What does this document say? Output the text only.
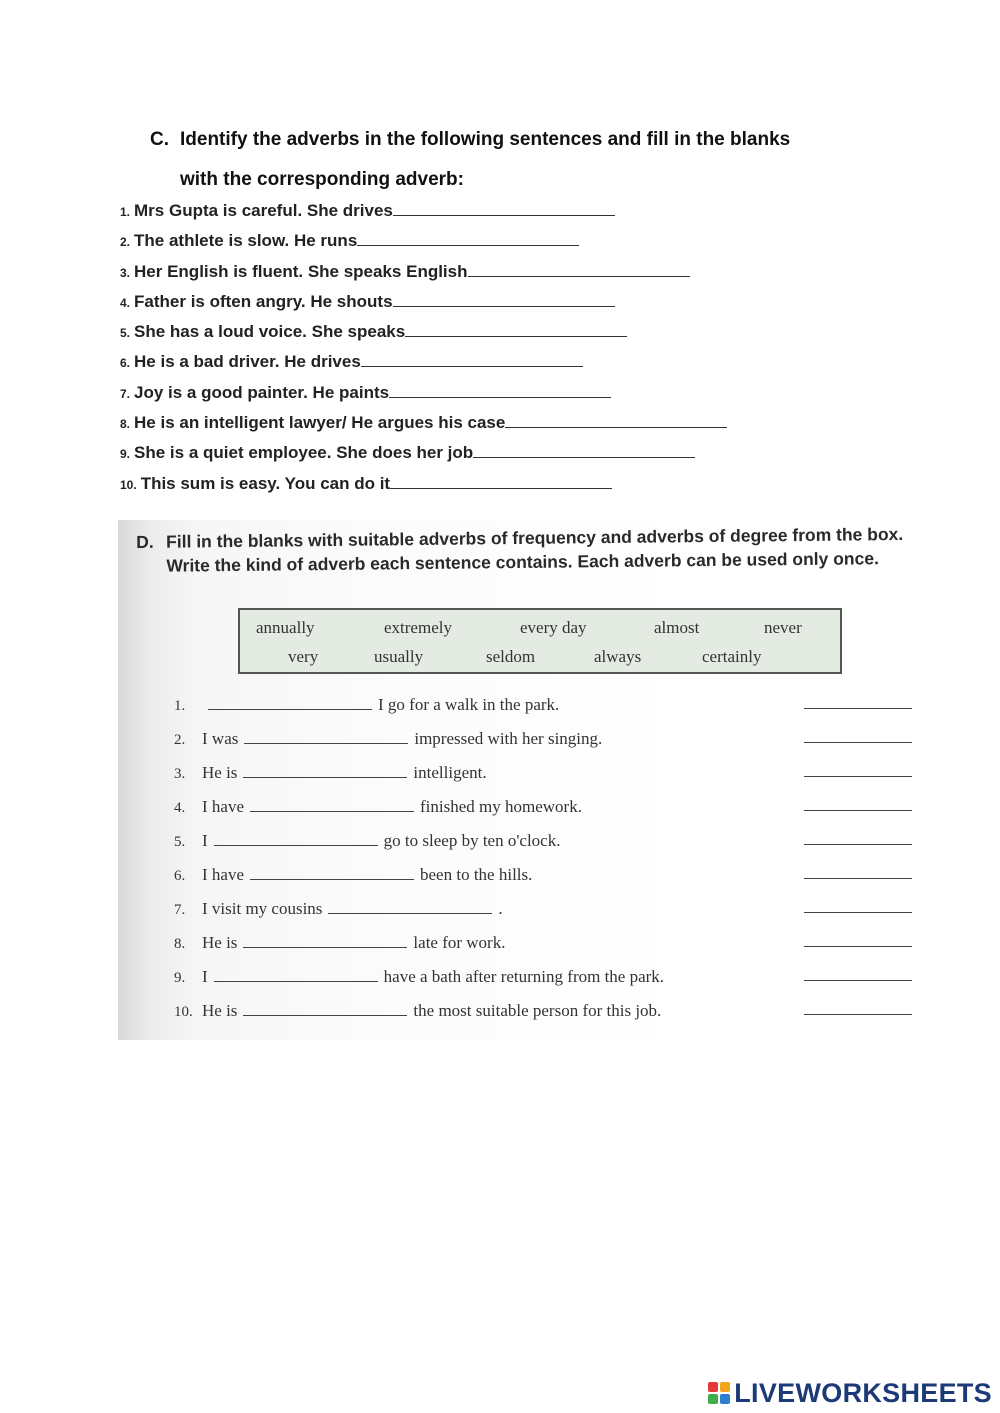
C. Identify the adverbs in the following sentences and fill in the blanks
with the corresponding adverb:
1. Mrs Gupta is careful. She drives
2. The athlete is slow. He runs
3. Her English is fluent. She speaks English
4. Father is often angry. He shouts
5. She has a loud voice. She speaks
6. He is a bad driver. He drives
7. Joy is a good painter. He paints
8. He is an intelligent lawyer/ He argues his case
9. She is a quiet employee. She does her job
10. This sum is easy. You can do it
D. Fill in the blanks with suitable adverbs of frequency and adverbs of degree from the box. Write the kind of adverb each sentence contains. Each adverb can be used only once.
annually	extremely	every day	almost	never
very	usually	seldom	always	certainly
1.	I go for a walk in the park.
2. I was	impressed with her singing.
3. He is	intelligent.
4. I have	finished my homework.
5. I	go to sleep by ten o'clock.
6. I have	been to the hills.
7. I visit my cousins	.
8. He is	late for work.
9. I	have a bath after returning from the park.
10. He is	the most suitable person for this job.
LIVEWORKSHEETS
